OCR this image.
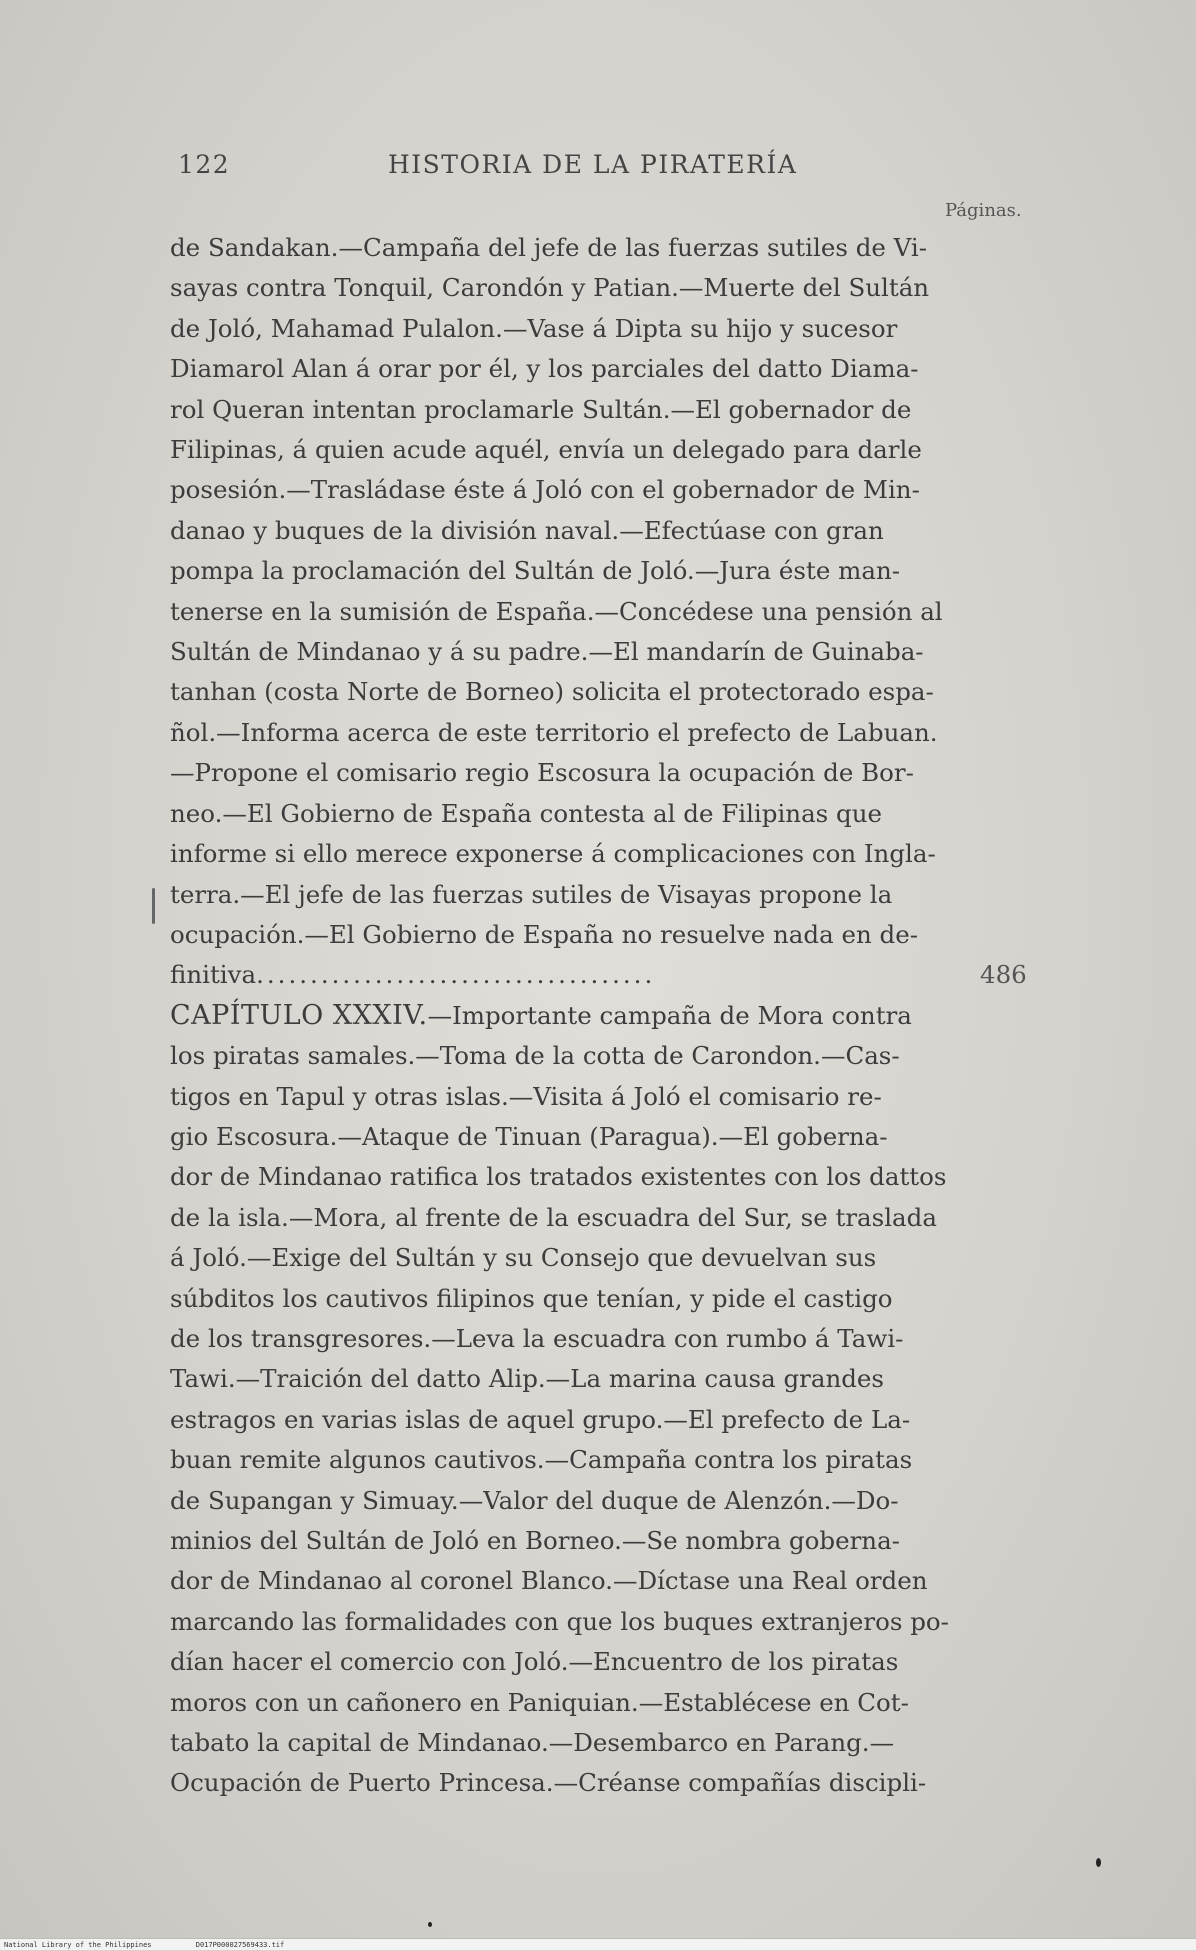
122	HISTORIA DE LA PIRATERÍA
Páginas.
de Sandakan.—Campaña del jefe de las fuerzas sutiles de Vi-
sayas contra Tonquil, Carondón y Patian.—Muerte del Sultán
de Joló, Mahamad Pulalon.—Vase á Dipta su hijo y sucesor
Diamarol Alan á orar por él, y los parciales del datto Diama-
rol Queran intentan proclamarle Sultán.—El gobernador de
Filipinas, á quien acude aquél, envía un delegado para darle
posesión.—Trasládase éste á Joló con el gobernador de Min-
danao y buques de la división naval.—Efectúase con gran
pompa la proclamación del Sultán de Joló.—Jura éste man-
tenerse en la sumisión de España.—Concédese una pensión al
Sultán de Mindanao y á su padre.—El mandarín de Guinaba-
tanhan (costa Norte de Borneo) solicita el protectorado espa-
ñol.—Informa acerca de este territorio el prefecto de Labuan.
—Propone el comisario regio Escosura la ocupación de Bor-
neo.—El Gobierno de España contesta al de Filipinas que
informe si ello merece exponerse á complicaciones con Ingla-
terra.—El jefe de las fuerzas sutiles de Visayas propone la
ocupación.—El Gobierno de España no resuelve nada en de-
finitiva.....................................	486
CAPÍTULO XXXIV.—Importante campaña de Mora contra
los piratas samales.—Toma de la cotta de Carondon.—Cas-
tigos en Tapul y otras islas.—Visita á Joló el comisario re-
gio Escosura.—Ataque de Tinuan (Paragua).—El goberna-
dor de Mindanao ratifica los tratados existentes con los dattos
de la isla.—Mora, al frente de la escuadra del Sur, se traslada
á Joló.—Exige del Sultán y su Consejo que devuelvan sus
súbditos los cautivos filipinos que tenían, y pide el castigo
de los transgresores.—Leva la escuadra con rumbo á Tawi-
Tawi.—Traición del datto Alip.—La marina causa grandes
estragos en varias islas de aquel grupo.—El prefecto de La-
buan remite algunos cautivos.—Campaña contra los piratas
de Supangan y Simuay.—Valor del duque de Alenzón.—Do-
minios del Sultán de Joló en Borneo.—Se nombra goberna-
dor de Mindanao al coronel Blanco.—Díctase una Real orden
marcando las formalidades con que los buques extranjeros po-
dían hacer el comercio con Joló.—Encuentro de los piratas
moros con un cañonero en Paniquian.—Establécese en Cot-
tabato la capital de Mindanao.—Desembarco en Parang.—
Ocupación de Puerto Princesa.—Créanse compañías discipli-
National Library of the Philippines	D017P000027569433.tif
